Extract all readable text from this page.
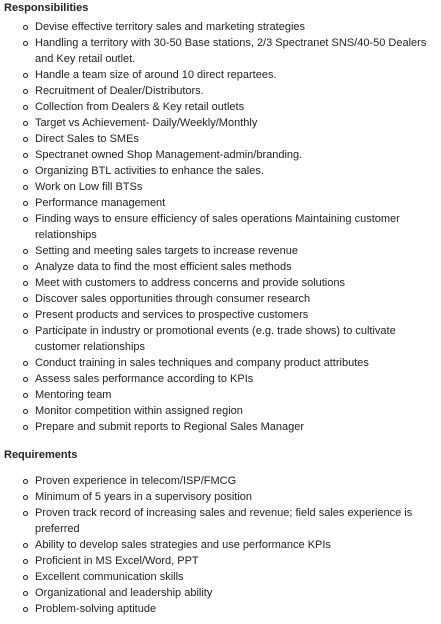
Responsibilities
Devise effective territory sales and marketing strategies
Handling a territory with 30-50 Base stations, 2/3 Spectranet SNS/40-50 Dealers and Key retail outlet.
Handle a team size of around 10 direct repartees.
Recruitment of Dealer/Distributors.
Collection from Dealers & Key retail outlets
Target vs Achievement- Daily/Weekly/Monthly
Direct Sales to SMEs
Spectranet owned Shop Management-admin/branding.
Organizing BTL activities to enhance the sales.
Work on Low fill BTSs
Performance management
Finding ways to ensure efficiency of sales operations Maintaining customer relationships
Setting and meeting sales targets to increase revenue
Analyze data to find the most efficient sales methods
Meet with customers to address concerns and provide solutions
Discover sales opportunities through consumer research
Present products and services to prospective customers
Participate in industry or promotional events (e.g. trade shows) to cultivate customer relationships
Conduct training in sales techniques and company product attributes
Assess sales performance according to KPIs
Mentoring team
Monitor competition within assigned region
Prepare and submit reports to Regional Sales Manager
Requirements
Proven experience in telecom/ISP/FMCG
Minimum of 5 years in a supervisory position
Proven track record of increasing sales and revenue; field sales experience is preferred
Ability to develop sales strategies and use performance KPIs
Proficient in MS Excel/Word, PPT
Excellent communication skills
Organizational and leadership ability
Problem-solving aptitude
